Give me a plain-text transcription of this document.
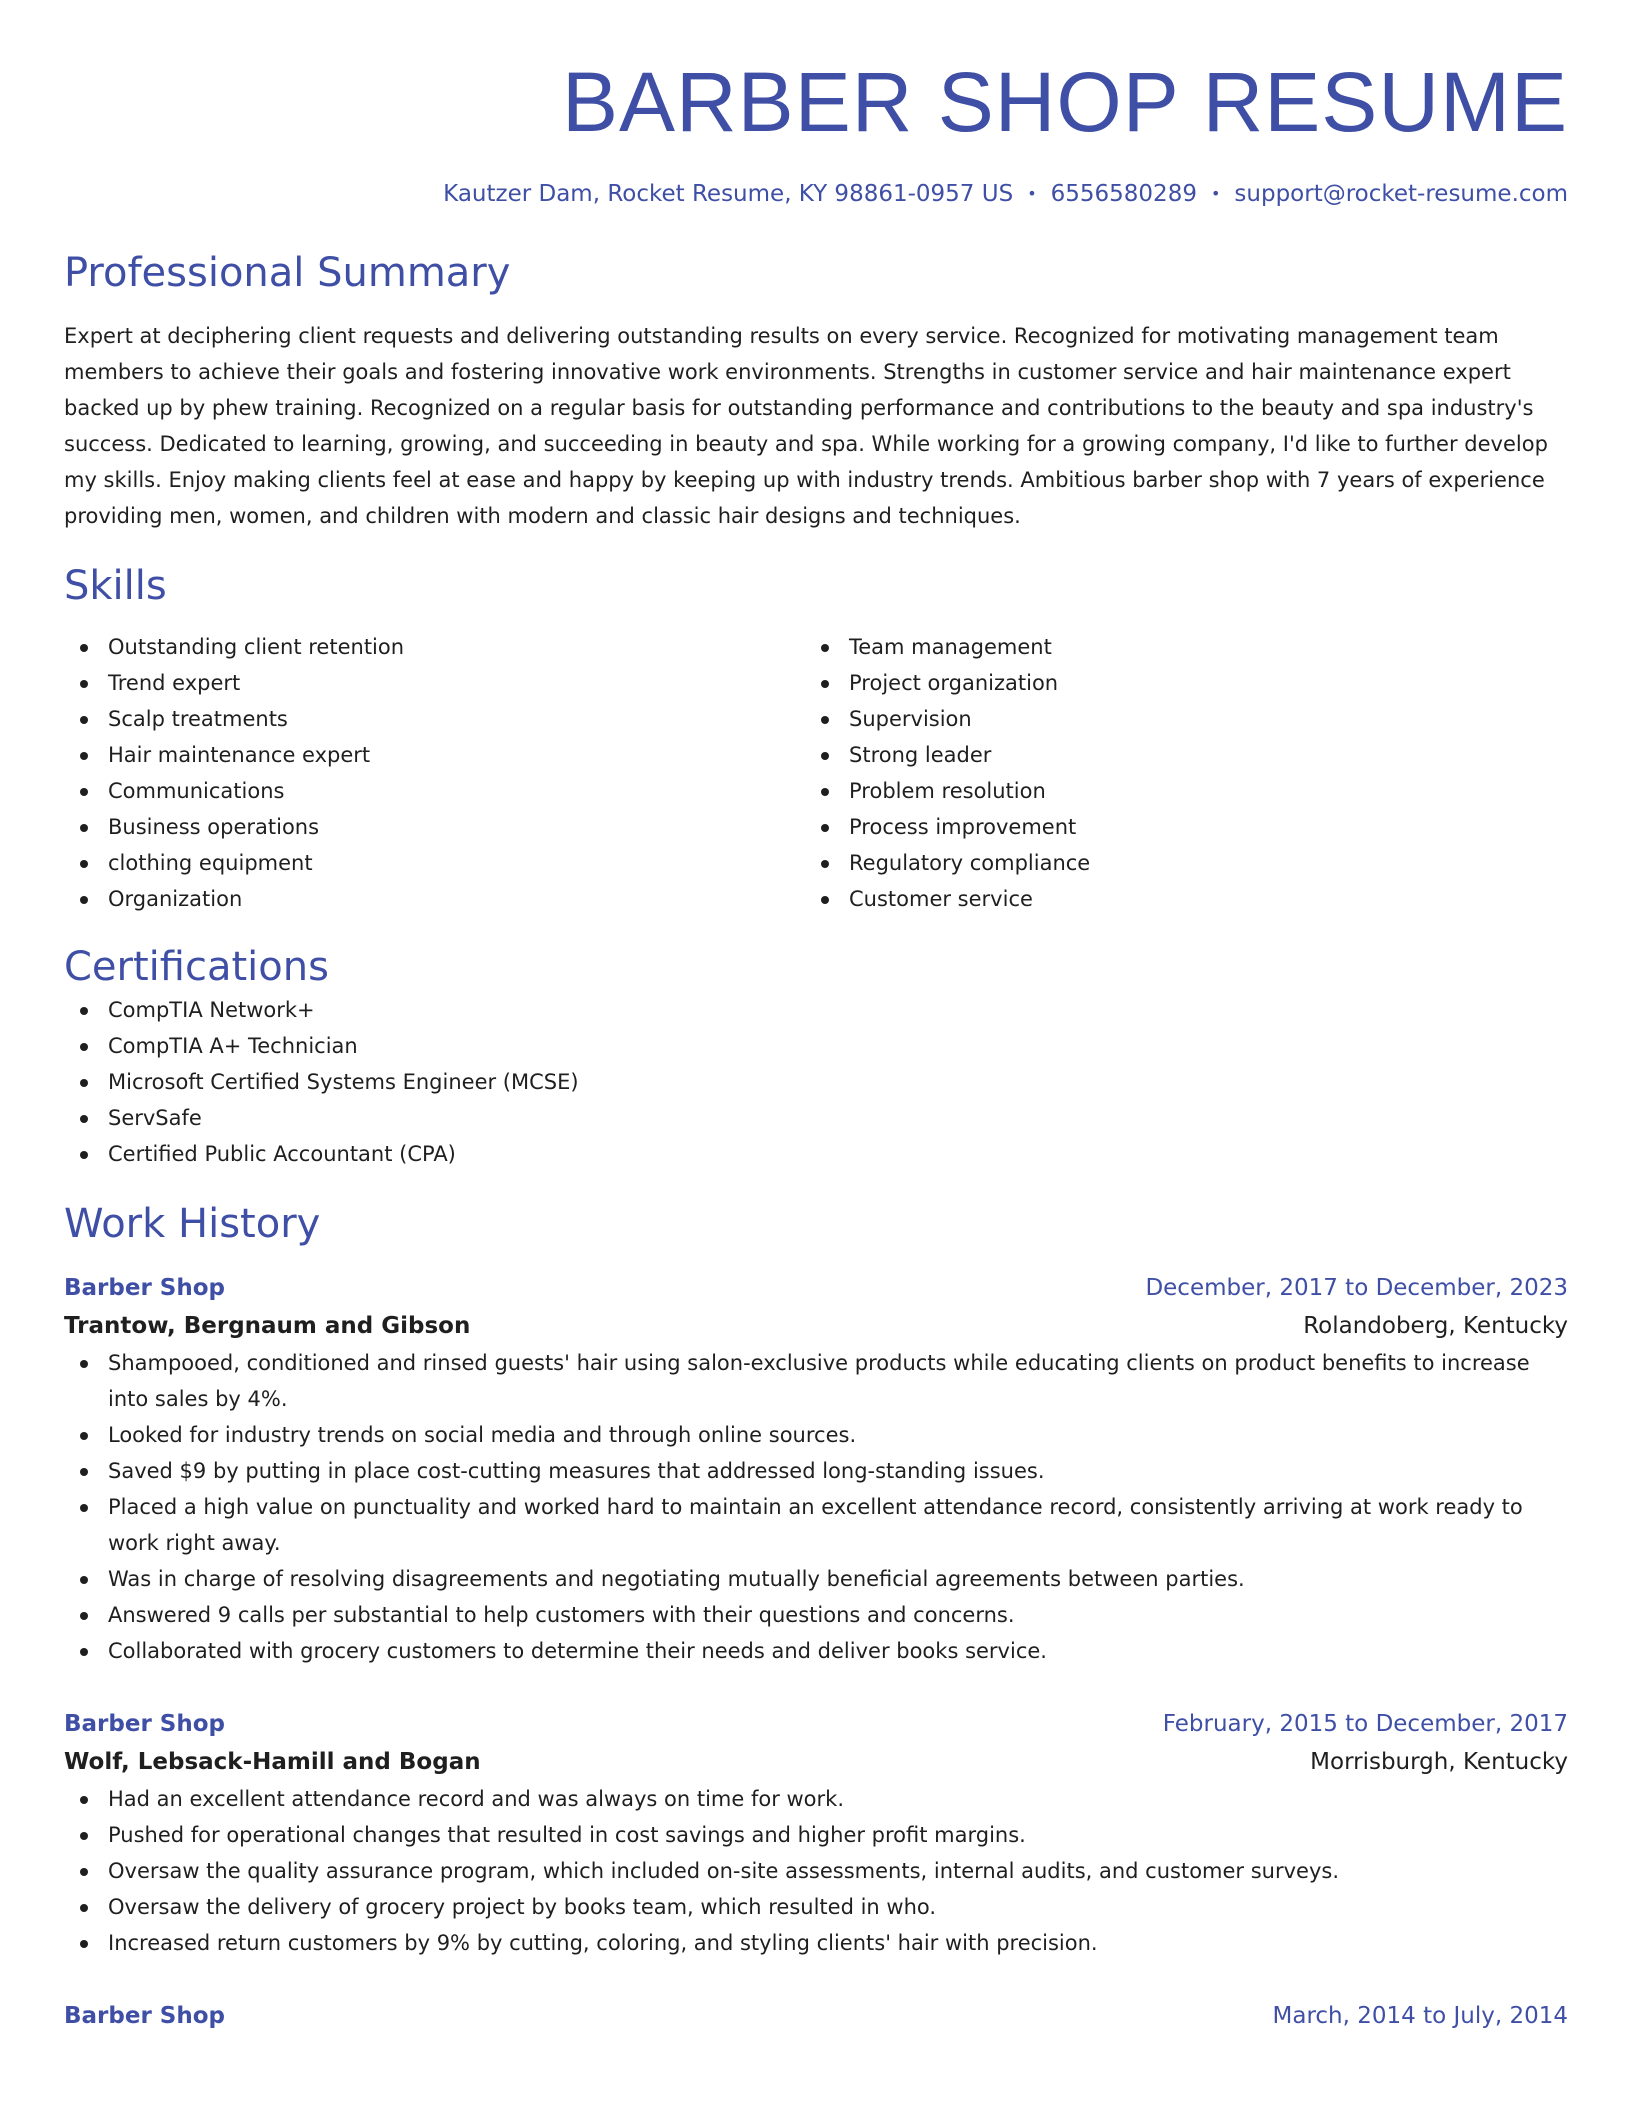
BARBER SHOP RESUME
Kautzer Dam, Rocket Resume, KY 98861-0957 US • 6556580289 • support@rocket-resume.com
Professional Summary

Expert at deciphering client requests and delivering outstanding results on every service. Recognized for motivating management team members to achieve their goals and fostering innovative work environments. Strengths in customer service and hair maintenance expert backed up by phew training. Recognized on a regular basis for outstanding performance and contributions to the beauty and spa industry's success. Dedicated to learning, growing, and succeeding in beauty and spa. While working for a growing company, I'd like to further develop my skills. Enjoy making clients feel at ease and happy by keeping up with industry trends. Ambitious barber shop with 7 years of experience providing men, women, and children with modern and classic hair designs and techniques.

Skills
Outstanding client retention
Trend expert
Scalp treatments
Hair maintenance expert
Communications
Business operations
clothing equipment
Organization
Team management
Project organization
Supervision
Strong leader
Problem resolution
Process improvement
Regulatory compliance
Customer service
Certifications
CompTIA Network+
CompTIA A+ Technician
Microsoft Certified Systems Engineer (MCSE)
ServSafe
Certified Public Accountant (CPA)
Work History
Barber Shop	December, 2017 to December, 2023
Trantow, Bergnaum and Gibson	Rolandoberg, Kentucky
Shampooed, conditioned and rinsed guests' hair using salon-exclusive products while educating clients on product benefits to increase into sales by 4%.
Looked for industry trends on social media and through online sources.
Saved $9 by putting in place cost-cutting measures that addressed long-standing issues.
Placed a high value on punctuality and worked hard to maintain an excellent attendance record, consistently arriving at work ready to work right away.
Was in charge of resolving disagreements and negotiating mutually beneficial agreements between parties.
Answered 9 calls per substantial to help customers with their questions and concerns.
Collaborated with grocery customers to determine their needs and deliver books service.
Barber Shop	February, 2015 to December, 2017
Wolf, Lebsack-Hamill and Bogan	Morrisburgh, Kentucky
Had an excellent attendance record and was always on time for work.
Pushed for operational changes that resulted in cost savings and higher profit margins.
Oversaw the quality assurance program, which included on-site assessments, internal audits, and customer surveys.
Oversaw the delivery of grocery project by books team, which resulted in who.
Increased return customers by 9% by cutting, coloring, and styling clients' hair with precision.
Barber Shop	March, 2014 to July, 2014
